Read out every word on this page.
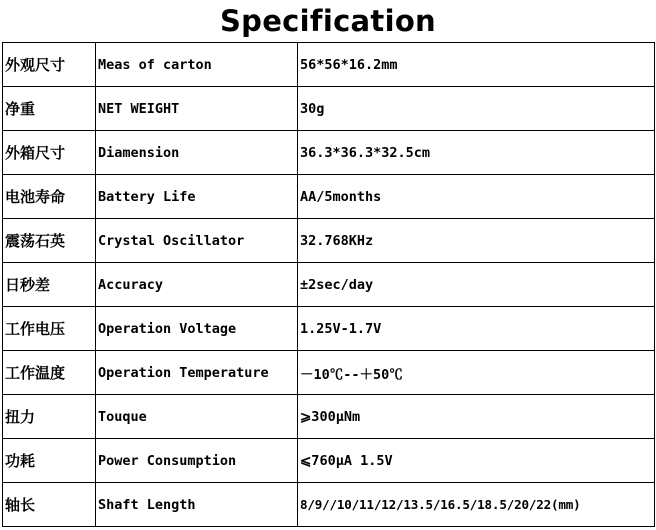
Specification
外观尺寸	Meas of carton	56*56*16.2mm
净重	NET WEIGHT	30g
外箱尺寸	Diamension	36.3*36.3*32.5cm
电池寿命	Battery Life	AA/5months
震荡石英	Crystal Oscillator	32.768KHz
日秒差	Accuracy	±2sec/day
工作电压	Operation Voltage	1.25V-1.7V
工作温度	Operation Temperature	－10℃--＋50℃
扭力	Touque	⩾300μNm
功耗	Power Consumption	⩽760μA 1.5V
轴长	Shaft Length	8/9//10/11/12/13.5/16.5/18.5/20/22(mm)
